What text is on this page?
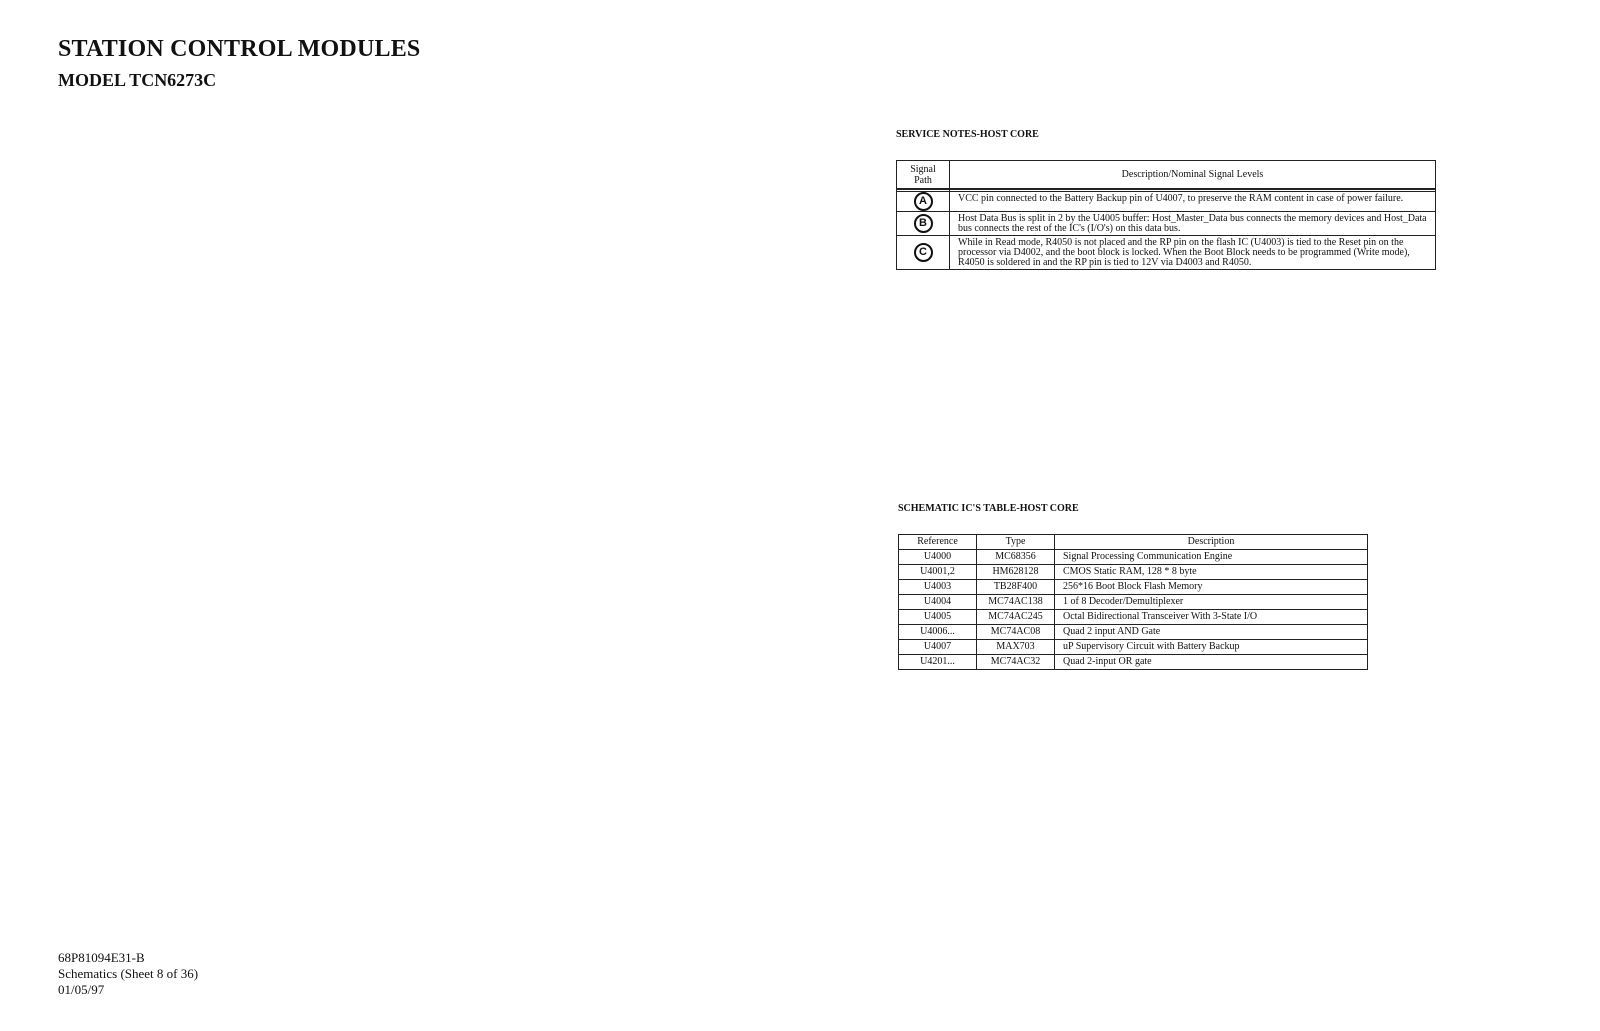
STATION CONTROL MODULES
MODEL TCN6273C
SERVICE NOTES-HOST CORE
Signal Path	Description/Nominal Signal Levels

A	VCC pin connected to the Battery Backup pin of U4007, to preserve the RAM content in case of power failure.
B	Host Data Bus is split in 2 by the U4005 buffer: Host_Master_Data bus connects the memory devices and Host_Data bus connects the rest of the IC's (I/O's) on this data bus.
C	While in Read mode, R4050 is not placed and the RP pin on the flash IC (U4003) is tied to the Reset pin on the processor via D4002, and the boot block is locked. When the Boot Block needs to be programmed (Write mode), R4050 is soldered in and the RP pin is tied to 12V via D4003 and R4050.
SCHEMATIC IC'S TABLE-HOST CORE
Reference	Type	Description
U4000	MC68356	Signal Processing Communication Engine
U4001,2	HM628128	CMOS Static RAM, 128 * 8 byte
U4003	TB28F400	256*16 Boot Block Flash Memory
U4004	MC74AC138	1 of 8 Decoder/Demultiplexer
U4005	MC74AC245	Octal Bidirectional Transceiver With 3-State I/O
U4006...	MC74AC08	Quad 2 input AND Gate
U4007	MAX703	uP Supervisory Circuit with Battery Backup
U4201...	MC74AC32	Quad 2-input OR gate
68P81094E31-B
Schematics (Sheet 8 of 36)
01/05/97
